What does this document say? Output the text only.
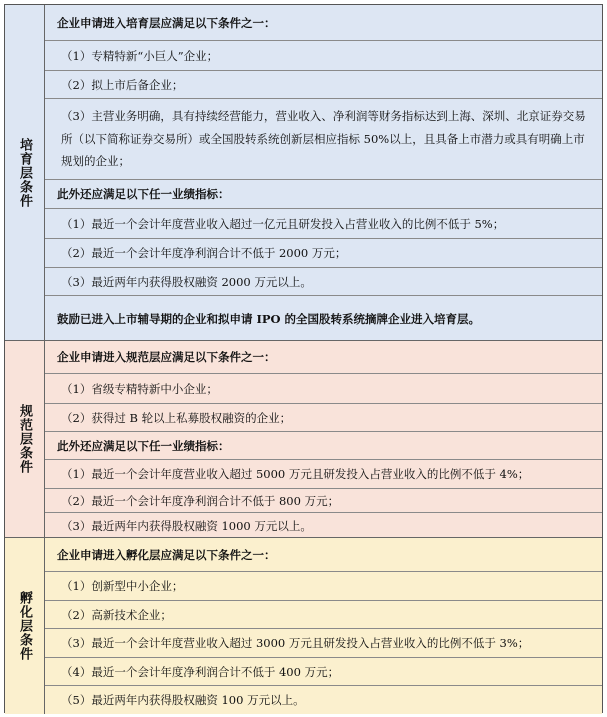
培育层条件
企业申请进入培育层应满足以下条件之一：
（1）专精特新“小巨人”企业；
（2）拟上市后备企业；
（3）主营业务明确，具有持续经营能力，营业收入、净利润等财务指标达到上海、深圳、北京证券交易所（以下简称证券交易所）或全国股转系统创新层相应指标 50%以上，且具备上市潜力或具有明确上市规划的企业；
此外还应满足以下任一业绩指标：
（1）最近一个会计年度营业收入超过一亿元且研发投入占营业收入的比例不低于 5%；
（2）最近一个会计年度净利润合计不低于 2000 万元；
（3）最近两年内获得股权融资 2000 万元以上。
鼓励已进入上市辅导期的企业和拟申请 IPO 的全国股转系统摘牌企业进入培育层。
规范层条件
企业申请进入规范层应满足以下条件之一：
（1）省级专精特新中小企业；
（2）获得过 B 轮以上私募股权融资的企业；
此外还应满足以下任一业绩指标：
（1）最近一个会计年度营业收入超过 5000 万元且研发投入占营业收入的比例不低于 4%；
（2）最近一个会计年度净利润合计不低于 800 万元；
（3）最近两年内获得股权融资 1000 万元以上。
孵化层条件
企业申请进入孵化层应满足以下条件之一：
（1）创新型中小企业；
（2）高新技术企业；
（3）最近一个会计年度营业收入超过 3000 万元且研发投入占营业收入的比例不低于 3%；
（4）最近一个会计年度净利润合计不低于 400 万元；
（5）最近两年内获得股权融资 100 万元以上。
